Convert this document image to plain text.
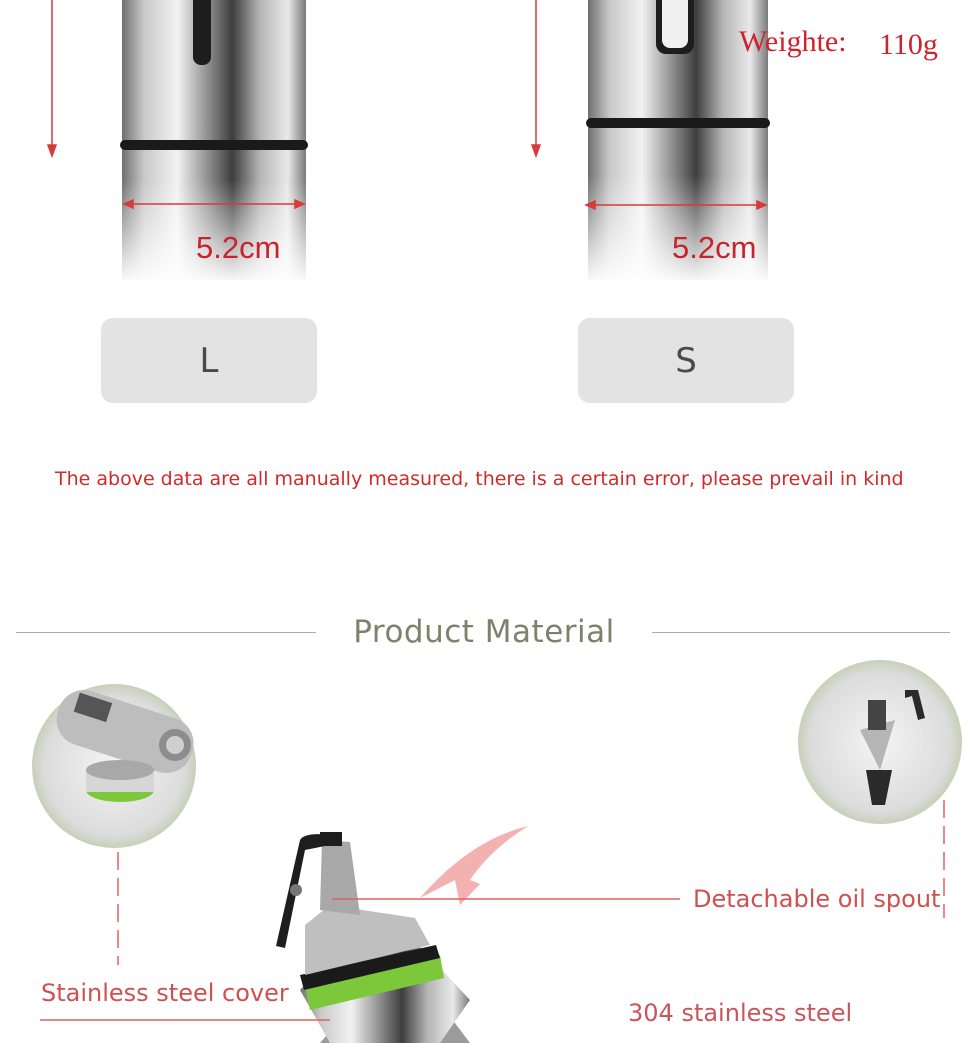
5.2cm	5.2cm
Weighte: 110g
L	S
The above data are all manually measured, there is a certain error, please prevail in kind
Product Material
Detachable oil spout
Stainless steel cover
304 stainless steel
